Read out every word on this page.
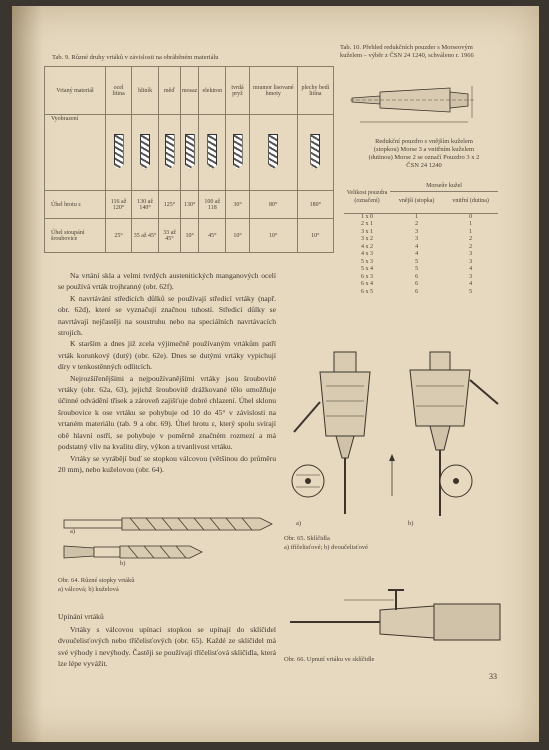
Tab. 9. Různé druhy vrtáků v závislosti na obráběném materiálu
Vrtaný materiál	ocel litina	hliník	měď	mosaz	elektron	tvrdá pryž	mramor lisované hmoty	plechy bedí litina
Vyobrazení								
Úhel hrotu ε	116 až 120°	130 až 140°	125°	130°	100 až 118	30°	80°	180°
Úhel stoupání šroubovice	25°	35 až 45°	33 až 45°	10°	45°	10°	10°	10°
Tab. 10. Přehled redukčních pouzder s Morseovým kuželem – výběr z ČSN 24 1240, schváleno r. 1966
Redukční pouzdro s vnějším kuželem (stopkou) Morse 3 a vnitřním kuželem (dutinou) Morse 2 se označí Pouzdro 3 x 2 ČSN 24 1240
Velikost pouzdra (označení)	Morseův kužel	
	vnější (stopka)	vnitřní (dutina)
1 x 0	1	0
2 x 1	2	1
3 x 1	3	1
3 x 2	3	2
4 x 2	4	2
4 x 3	4	3
5 x 3	5	3
5 x 4	5	4
6 x 3	6	3
6 x 4	6	4
6 x 5	6	5

Na vrtání skla a velmi tvrdých austenitických manganových ocelí se používá vrták trojhranný (obr. 62f).

K navrtávání středicích důlků se používají středicí vrtáky (např. obr. 62d), které se vyznačují značnou tuhostí. Středicí důlky se navrtávají nejčastěji na soustruhu nebo na speciálních navrtávacích strojích.

K starším a dnes již zcela výjimečně používaným vrtákům patří vrták korunkový (dutý) (obr. 62e). Dnes se dutými vrtáky vypichují díry v tenkostěnných odlitcích.

Nejrozšířenějšími a nejpoužívanějšími vrtáky jsou šroubovité vrtáky (obr. 62a, 63), jejichž šroubovitě drážkované tělo umožňuje účinné odvádění třísek a zároveň zajišťuje dobré chlazení. Úhel sklonu šroubovice k ose vrtáku se pohybuje od 10 do 45° v závislosti na vrtaném materiálu (tab. 9 a obr. 69). Úhel hrotu ε, který spolu svírají obě hlavní ostří, se pohybuje v poměrně značném rozmezí a má podstatný vliv na kvalitu díry, výkon a trvanlivost vrtáku.

Vrtáky se vyrábějí buď se stopkou válcovou (většinou do průměru 20 mm), nebo kuželovou (obr. 64).

a)
b)
Obr. 64. Různé stopky vrtáků
a) válcová; b) kuželová
Upínání vrtáků

Vrtáky s válcovou upínací stopkou se upínají do sklíčidel dvoučelisťových nebo tříčelisťových (obr. 65). Každé ze sklíčidel má své výhody i nevýhody. Častěji se používají tříčelisťová sklíčidla, která lze lépe vyvážit.

a)	b)
Obr. 65. Sklíčidla
a) tříčelisťové; b) dvoučelisťové
Obr. 66. Upnutí vrtáku ve sklíčidle
33
